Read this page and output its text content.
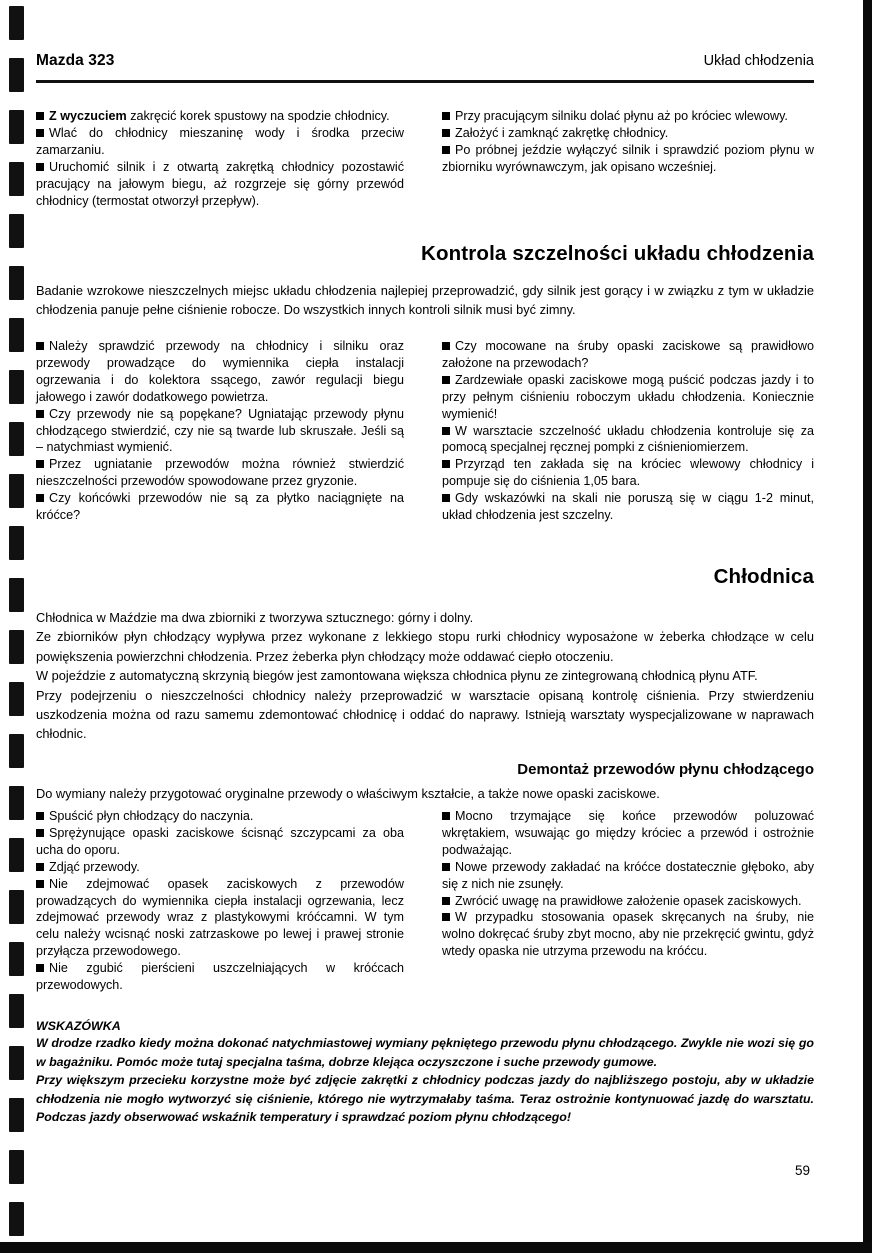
Mazda 323	Układ chłodzenia

Z wyczuciem zakręcić korek spustowy na spodzie chłodnicy.

Wlać do chłodnicy mieszaninę wody i środka przeciw zamarzaniu.

Uruchomić silnik i z otwartą zakrętką chłodnicy pozostawić pracujący na jałowym biegu, aż rozgrzeje się górny przewód chłodnicy (termostat otworzył przepływ).

Przy pracującym silniku dolać płynu aż po króciec wlewowy.

Założyć i zamknąć zakrętkę chłodnicy.

Po próbnej jeździe wyłączyć silnik i sprawdzić poziom płynu w zbiorniku wyrównawczym, jak opisano wcześniej.

Kontrola szczelności układu chłodzenia

Badanie wzrokowe nieszczelnych miejsc układu chłodzenia najlepiej przeprowadzić, gdy silnik jest gorący i w związku z tym w układzie chłodzenia panuje pełne ciśnienie robocze. Do wszystkich innych kontroli silnik musi być zimny.

Należy sprawdzić przewody na chłodnicy i silniku oraz przewody prowadzące do wymiennika ciepła instalacji ogrzewania i do kolektora ssącego, zawór regulacji biegu jałowego i zawór dodatkowego powietrza.

Czy przewody nie są popękane? Ugniatając przewody płynu chłodzącego stwierdzić, czy nie są twarde lub skruszałe. Jeśli są – natychmiast wymienić.

Przez ugniatanie przewodów można również stwierdzić nieszczelności przewodów spowodowane przez gryzonie.

Czy końcówki przewodów nie są za płytko naciągnięte na króćce?

Czy mocowane na śruby opaski zaciskowe są prawidłowo założone na przewodach?

Zardzewiałe opaski zaciskowe mogą puścić podczas jazdy i to przy pełnym ciśnieniu roboczym układu chłodzenia. Koniecznie wymienić!

W warsztacie szczelność układu chłodzenia kontroluje się za pomocą specjalnej ręcznej pompki z ciśnieniomierzem.

Przyrząd ten zakłada się na króciec wlewowy chłodnicy i pompuje się do ciśnienia 1,05 bara.

Gdy wskazówki na skali nie poruszą się w ciągu 1-2 minut, układ chłodzenia jest szczelny.

Chłodnica

Chłodnica w Maździe ma dwa zbiorniki z tworzywa sztucznego: górny i dolny.

Ze zbiorników płyn chłodzący wypływa przez wykonane z lekkiego stopu rurki chłodnicy wyposażone w żeberka chłodzące w celu powiększenia powierzchni chłodzenia. Przez żeberka płyn chłodzący może oddawać ciepło otoczeniu.

W pojeździe z automatyczną skrzynią biegów jest zamontowana większa chłodnica płynu ze zintegrowaną chłodnicą płynu ATF.

Przy podejrzeniu o nieszczelności chłodnicy należy przeprowadzić w warsztacie opisaną kontrolę ciśnienia. Przy stwierdzeniu uszkodzenia można od razu samemu zdemontować chłodnicę i oddać do naprawy. Istnieją warsztaty wyspecjalizowane w naprawach chłodnic.

Demontaż przewodów płynu chłodzącego

Do wymiany należy przygotować oryginalne przewody o właściwym kształcie, a także nowe opaski zaciskowe.

Spuścić płyn chłodzący do naczynia.

Sprężynujące opaski zaciskowe ścisnąć szczypcami za oba ucha do oporu.

Zdjąć przewody.

Nie zdejmować opasek zaciskowych z przewodów prowadzących do wymiennika ciepła instalacji ogrzewania, lecz zdejmować przewody wraz z plastykowymi króćcamni. W tym celu należy wcisnąć noski zatrzaskowe po lewej i prawej stronie przyłącza przewodowego.

Nie zgubić pierścieni uszczelniających w króćcach przewodowych.

Mocno trzymające się końce przewodów poluzować wkrętakiem, wsuwając go między króciec a przewód i ostrożnie podważając.

Nowe przewody zakładać na króćce dostatecznie głęboko, aby się z nich nie zsunęły.

Zwrócić uwagę na prawidłowe założenie opasek zaciskowych.

W przypadku stosowania opasek skręcanych na śruby, nie wolno dokręcać śruby zbyt mocno, aby nie przekręcić gwintu, gdyż wtedy opaska nie utrzyma przewodu na króćcu.

WSKAZÓWKA

W drodze rzadko kiedy można dokonać natychmiastowej wymiany pękniętego przewodu płynu chłodzącego. Zwykle nie wozi się go w bagażniku. Pomóc może tutaj specjalna taśma, dobrze klejąca oczyszczone i suche przewody gumowe.

Przy większym przecieku korzystne może być zdjęcie zakrętki z chłodnicy podczas jazdy do najbliższego postoju, aby w układzie chłodzenia nie mogło wytworzyć się ciśnienie, którego nie wytrzymałaby taśma. Teraz ostrożnie kontynuować jazdę do warsztatu. Podczas jazdy obserwować wskaźnik temperatury i sprawdzać poziom płynu chłodzącego!

59
